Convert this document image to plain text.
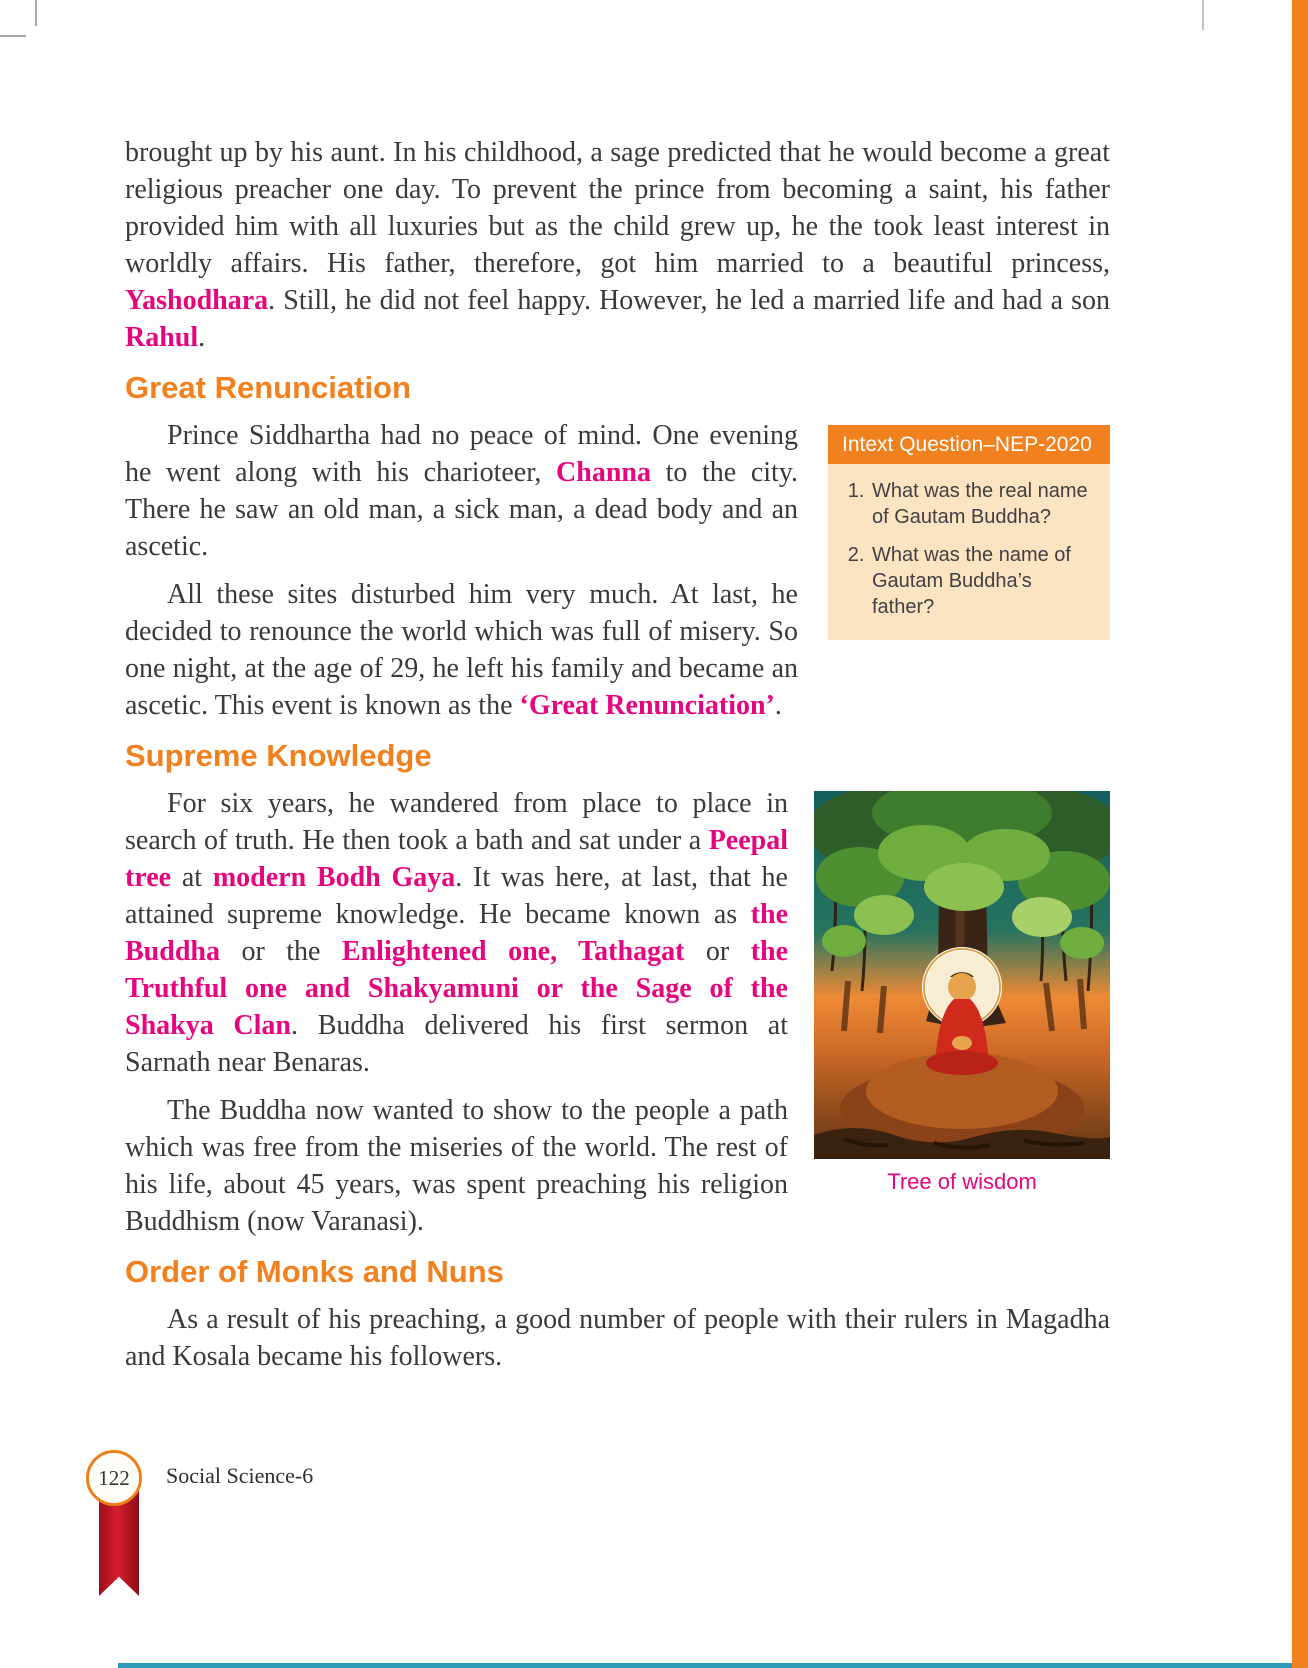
brought up by his aunt. In his childhood, a sage predicted that he would become a great religious preacher one day. To prevent the prince from becoming a saint, his father provided him with all luxuries but as the child grew up, he the took least interest in worldly affairs. His father, therefore, got him married to a beautiful princess, Yashodhara. Still, he did not feel happy. However, he led a married life and had a son Rahul.

Great Renunciation
Intext Question–NEP-2020
1. What was the real name of Gautam Buddha?
2. What was the name of Gautam Buddha’s father?

Prince Siddhartha had no peace of mind. One evening he went along with his charioteer, Channa to the city. There he saw an old man, a sick man, a dead body and an ascetic.

All these sites disturbed him very much. At last, he decided to renounce the world which was full of misery. So one night, at the age of 29, he left his family and became an ascetic. This event is known as the ‘Great Renunciation’.

Supreme Knowledge
Tree of wisdom

For six years, he wandered from place to place in search of truth. He then took a bath and sat under a Peepal tree at modern Bodh Gaya. It was here, at last, that he attained supreme knowledge. He became known as the Buddha or the Enlightened one, Tathagat or the Truthful one and Shakyamuni or the Sage of the Shakya Clan. Buddha delivered his first sermon at Sarnath near Benaras.

The Buddha now wanted to show to the people a path which was free from the miseries of the world. The rest of his life, about 45 years, was spent preaching his religion Buddhism (now Varanasi).

Order of Monks and Nuns

As a result of his preaching, a good number of people with their rulers in Magadha and Kosala became his followers.

122 Social Science-6
